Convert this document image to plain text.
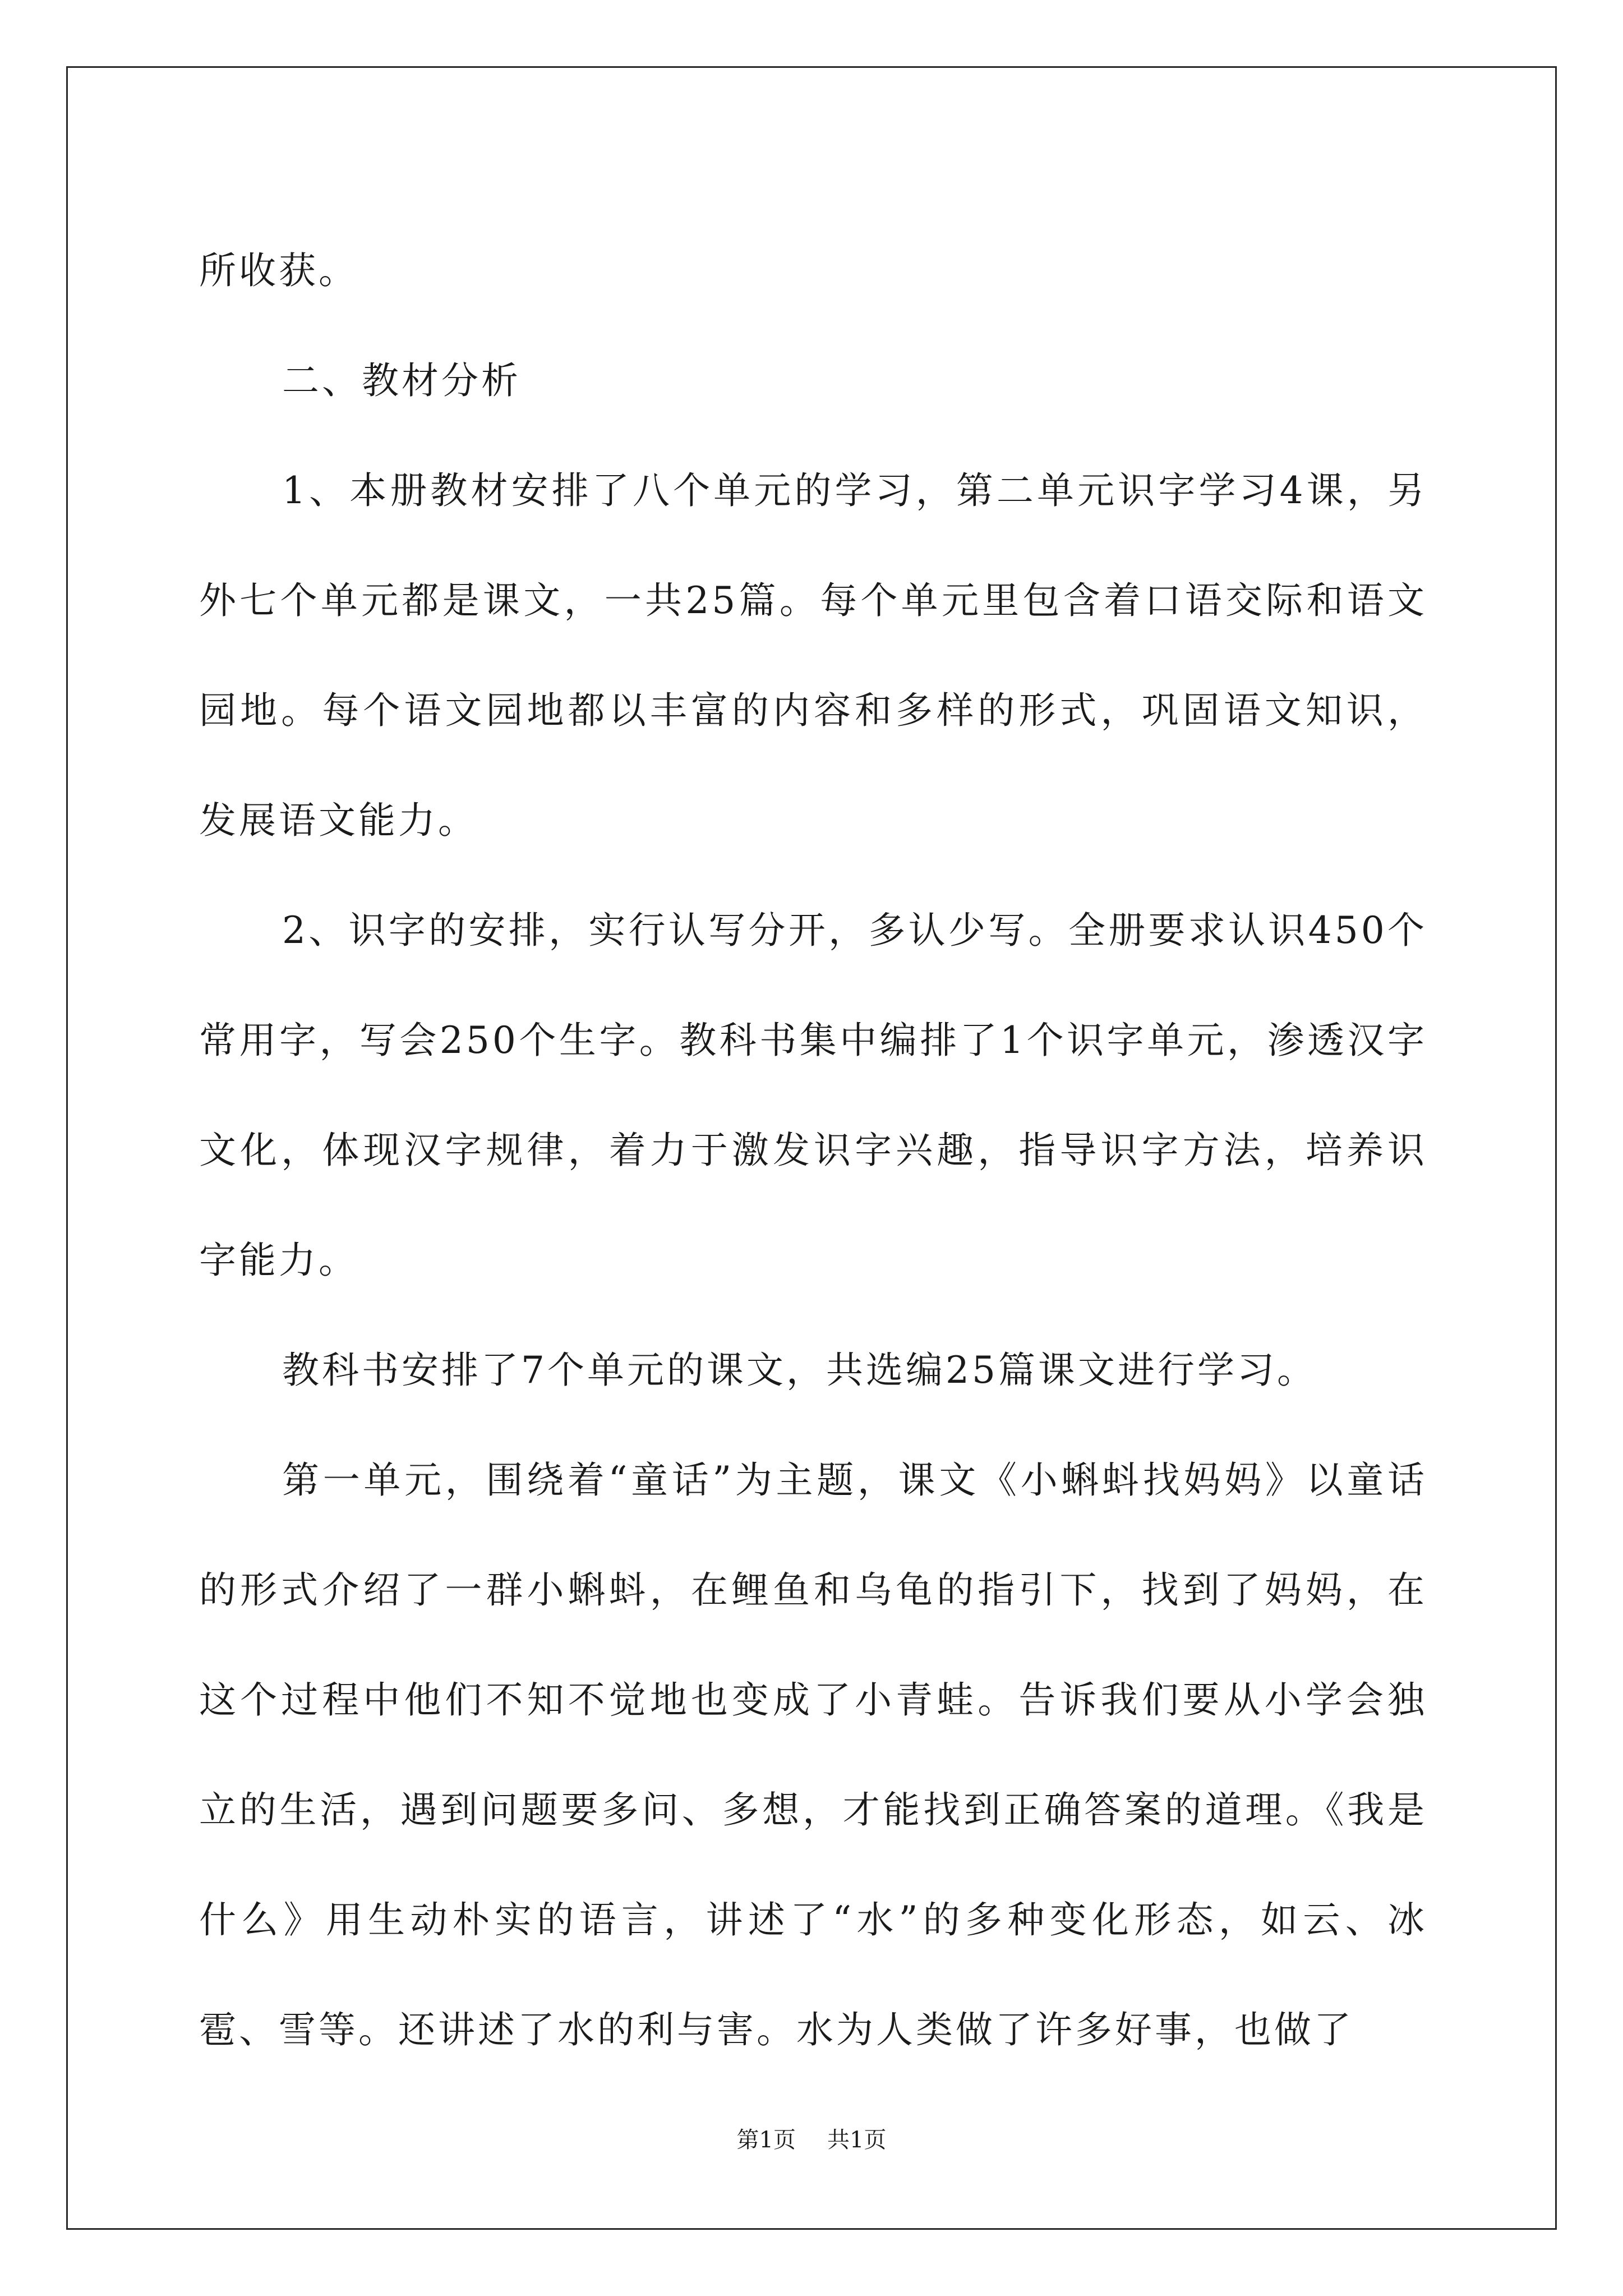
所收获。

二、教材分析

1、本册教材安排了八个单元的学习，第二单元识字学习4课，另外七个单元都是课文，一共25篇。每个单元里包含着口语交际和语文园地。每个语文园地都以丰富的内容和多样的形式，巩固语文知识，发展语文能力。

2、识字的安排，实行认写分开，多认少写。全册要求认识450个常用字，写会250个生字。教科书集中编排了1个识字单元，渗透汉字文化，体现汉字规律，着力于激发识字兴趣，指导识字方法，培养识字能力。

教科书安排了7个单元的课文，共选编25篇课文进行学习。

第一单元，围绕着“童话”为主题，课文《小蝌蚪找妈妈》以童话的形式介绍了一群小蝌蚪，在鲤鱼和乌龟的指引下，找到了妈妈，在这个过程中他们不知不觉地也变成了小青蛙。告诉我们要从小学会独立的生活，遇到问题要多问、多想，才能找到正确答案的道理。《我是什么》用生动朴实的语言，讲述了“水”的多种变化形态，如云、冰雹、雪等。还讲述了水的利与害。水为人类做了许多好事，也做了

第1页 共1页
